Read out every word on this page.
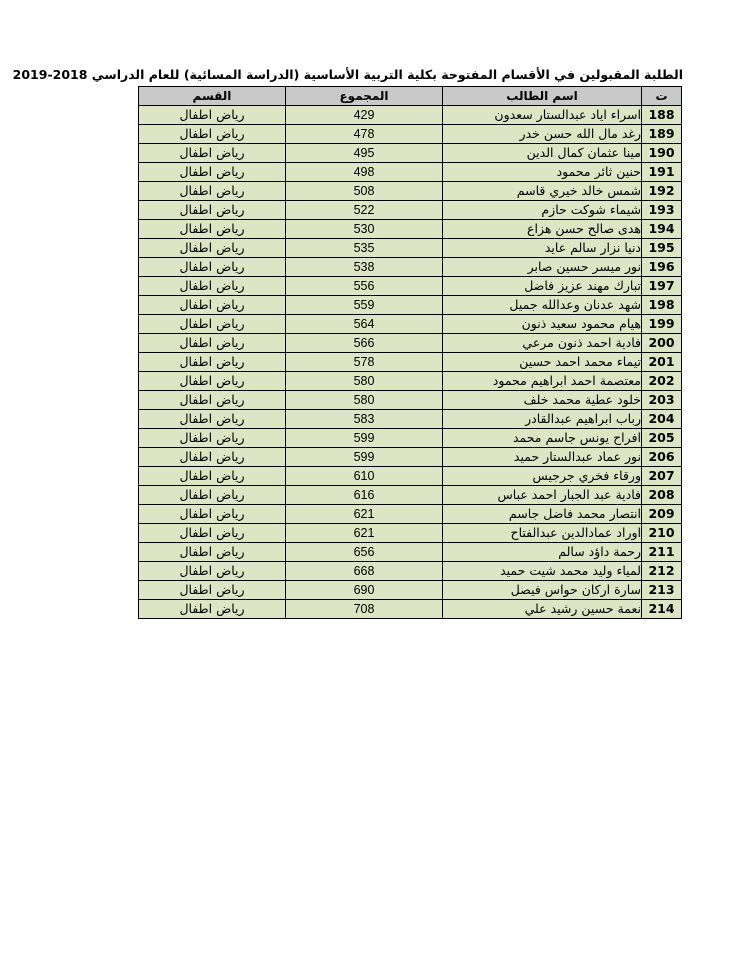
الطلبة المقبولين في الأقسام المفتوحة بكلية التربية الأساسية (الدراسة المسائية) للعام الدراسي 2018-2019
ت	اسم الطالب	المجموع	القسم
188	اسراء اياد عبدالستار سعدون	429	رياض اطفال
189	رغد مال الله حسن خدر	478	رياض اطفال
190	مينا عثمان كمال الدين	495	رياض اطفال
191	حنين ثائر محمود	498	رياض اطفال
192	شمس خالد خيري قاسم	508	رياض اطفال
193	شيماء شوكت حازم	522	رياض اطفال
194	هدى صالح حسن هزاع	530	رياض اطفال
195	دنيا نزار سالم عايد	535	رياض اطفال
196	نور ميسر حسين صابر	538	رياض اطفال
197	تبارك مهند عزيز فاضل	556	رياض اطفال
198	شهد عدنان وعدالله جميل	559	رياض اطفال
199	هيام محمود سعيد ذنون	564	رياض اطفال
200	فادية احمد ذنون مرعي	566	رياض اطفال
201	تيماء محمد احمد حسين	578	رياض اطفال
202	معتصمة احمد ابراهيم محمود	580	رياض اطفال
203	خلود عطية محمد خلف	580	رياض اطفال
204	رباب ابراهيم عبدالقادر	583	رياض اطفال
205	افراح يونس جاسم محمد	599	رياض اطفال
206	نور عماد عبدالستار حميد	599	رياض اطفال
207	ورقاء فخري جرجيس	610	رياض اطفال
208	فادية عبد الجبار احمد عباس	616	رياض اطفال
209	انتصار محمد فاضل جاسم	621	رياض اطفال
210	اوراد عمادالدين عبدالفتاح	621	رياض اطفال
211	رحمة داؤد سالم	656	رياض اطفال
212	لمياء وليد محمد شيت حميد	668	رياض اطفال
213	سارة اركان حواس فيصل	690	رياض اطفال
214	نعمة حسين رشيد علي	708	رياض اطفال
